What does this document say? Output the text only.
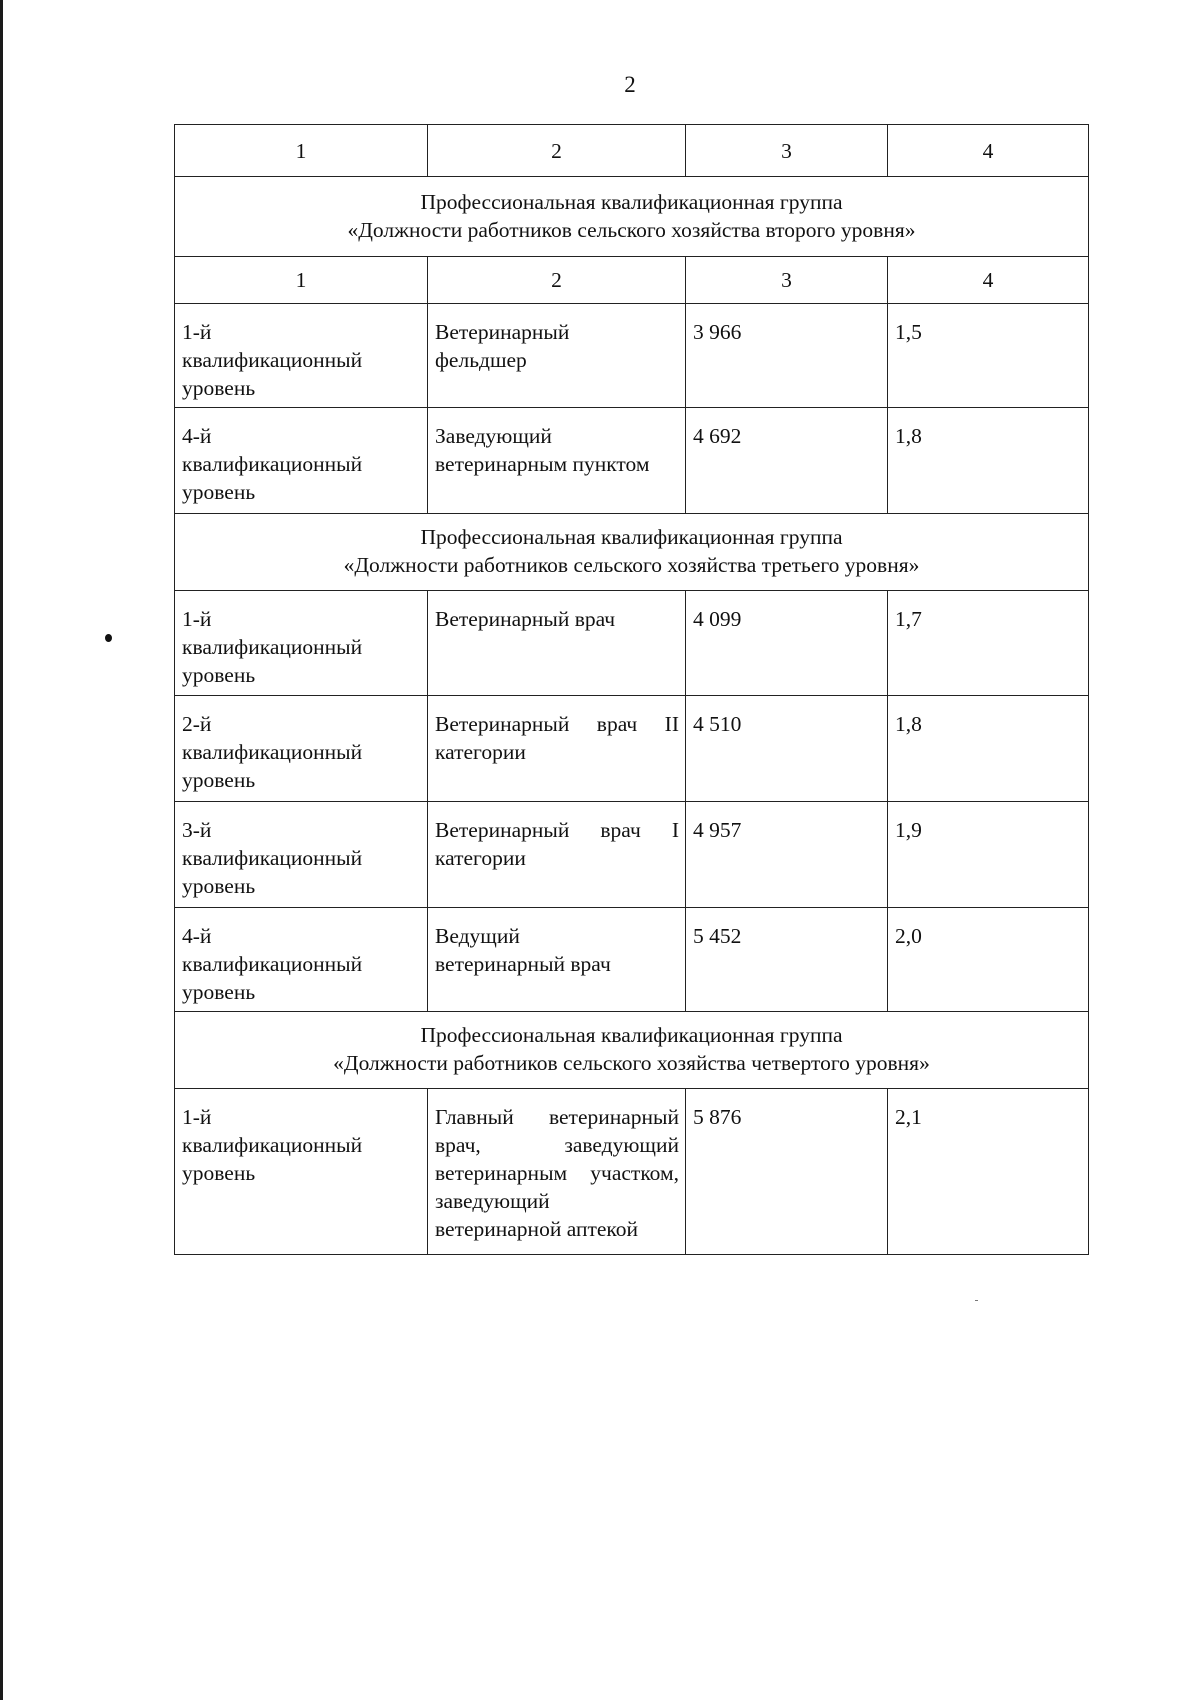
2
1	2	3	4

Профессиональная квалификационная группа
«Должности работников сельского хозяйства второго уровня»			

1	2	3	4

1-й
квалификационный
уровень	Ветеринарный
фельдшер	3 966	1,5

4-й
квалификационный
уровень	Заведующий
ветеринарным пунктом	4 692	1,8

Профессиональная квалификационная группа
«Должности работников сельского хозяйства третьего уровня»			

1-й
квалификационный
уровень	Ветеринарный врач	4 099	1,7

2-й
квалификационный
уровень	Ветеринарный врач II категории	4 510	1,8

3-й
квалификационный
уровень	Ветеринарный врач I категории	4 957	1,9

4-й
квалификационный
уровень	Ведущий
ветеринарный врач	5 452	2,0

Профессиональная квалификационная группа
«Должности работников сельского хозяйства четвертого уровня»			

1-й
квалификационный
уровень	Главный ветеринарный врач, заведующий ветеринарным участком, заведующий ветеринарной аптекой	5 876	2,1
